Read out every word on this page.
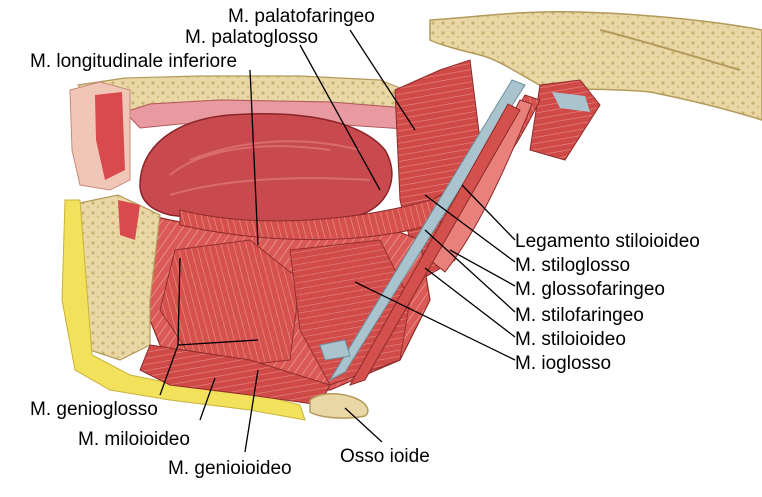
M. palatofaringeo
M. palatoglosso
M. longitudinale inferiore
Legamento stiloioideo
M. stiloglosso
M. glossofaringeo
M. stilofaringeo
M. stiloioideo
M. ioglosso
M. genioglosso
M. miloioideo
M. genioioideo
Osso ioide
